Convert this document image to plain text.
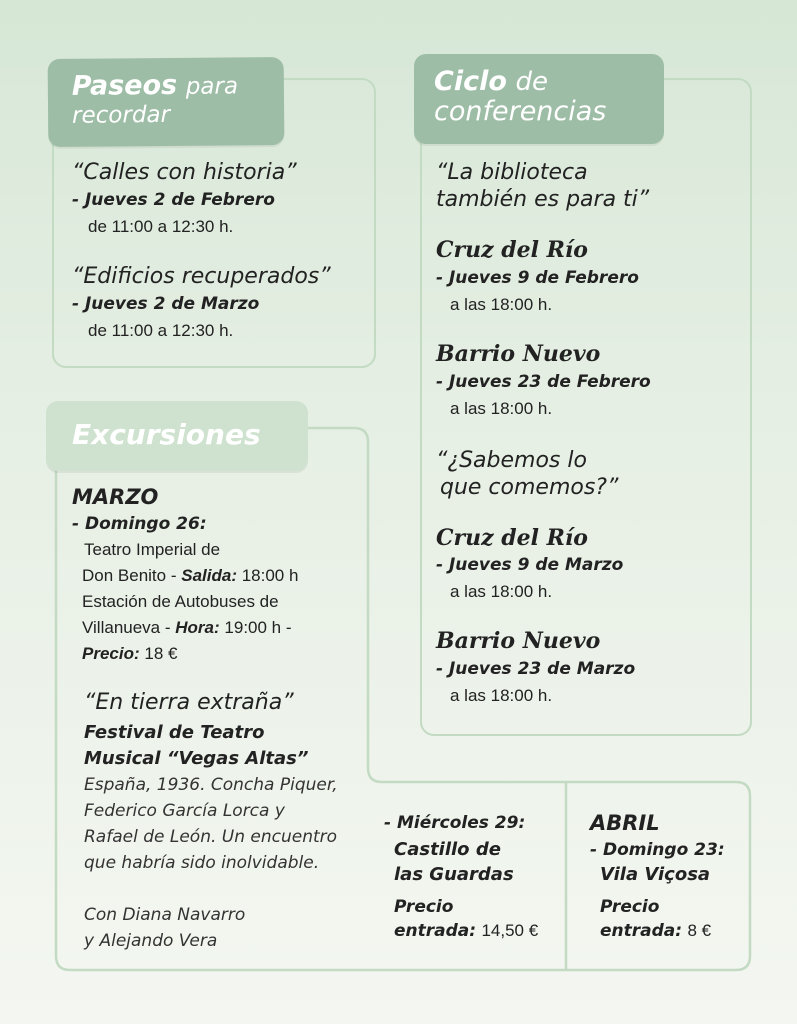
Paseos para
recordar
“Calles con historia”
- Jueves 2 de Febrero
de 11:00 a 12:30 h.
“Edificios recuperados”
- Jueves 2 de Marzo
de 11:00 a 12:30 h.
Ciclo de
conferencias
“La biblioteca
también es para ti”
Cruz del Río
- Jueves 9 de Febrero
a las 18:00 h.
Barrio Nuevo
- Jueves 23 de Febrero
a las 18:00 h.
“¿Sabemos lo
que comemos?”
Cruz del Río
- Jueves 9 de Marzo
a las 18:00 h.
Barrio Nuevo
- Jueves 23 de Marzo
a las 18:00 h.
Excursiones
MARZO
- Domingo 26:
Teatro Imperial de
Don Benito - Salida: 18:00 h
Estación de Autobuses de
Villanueva - Hora: 19:00 h -
Precio: 18 €
“En tierra extraña”
Festival de Teatro
Musical “Vegas Altas”
España, 1936. Concha Piquer,
Federico García Lorca y
Rafael de León. Un encuentro
que habría sido inolvidable.
Con Diana Navarro
y Alejando Vera
- Miércoles 29:
Castillo de
las Guardas
Precio
entrada: 14,50 €
ABRIL
- Domingo 23:
Vila Viçosa
Precio
entrada: 8 €
